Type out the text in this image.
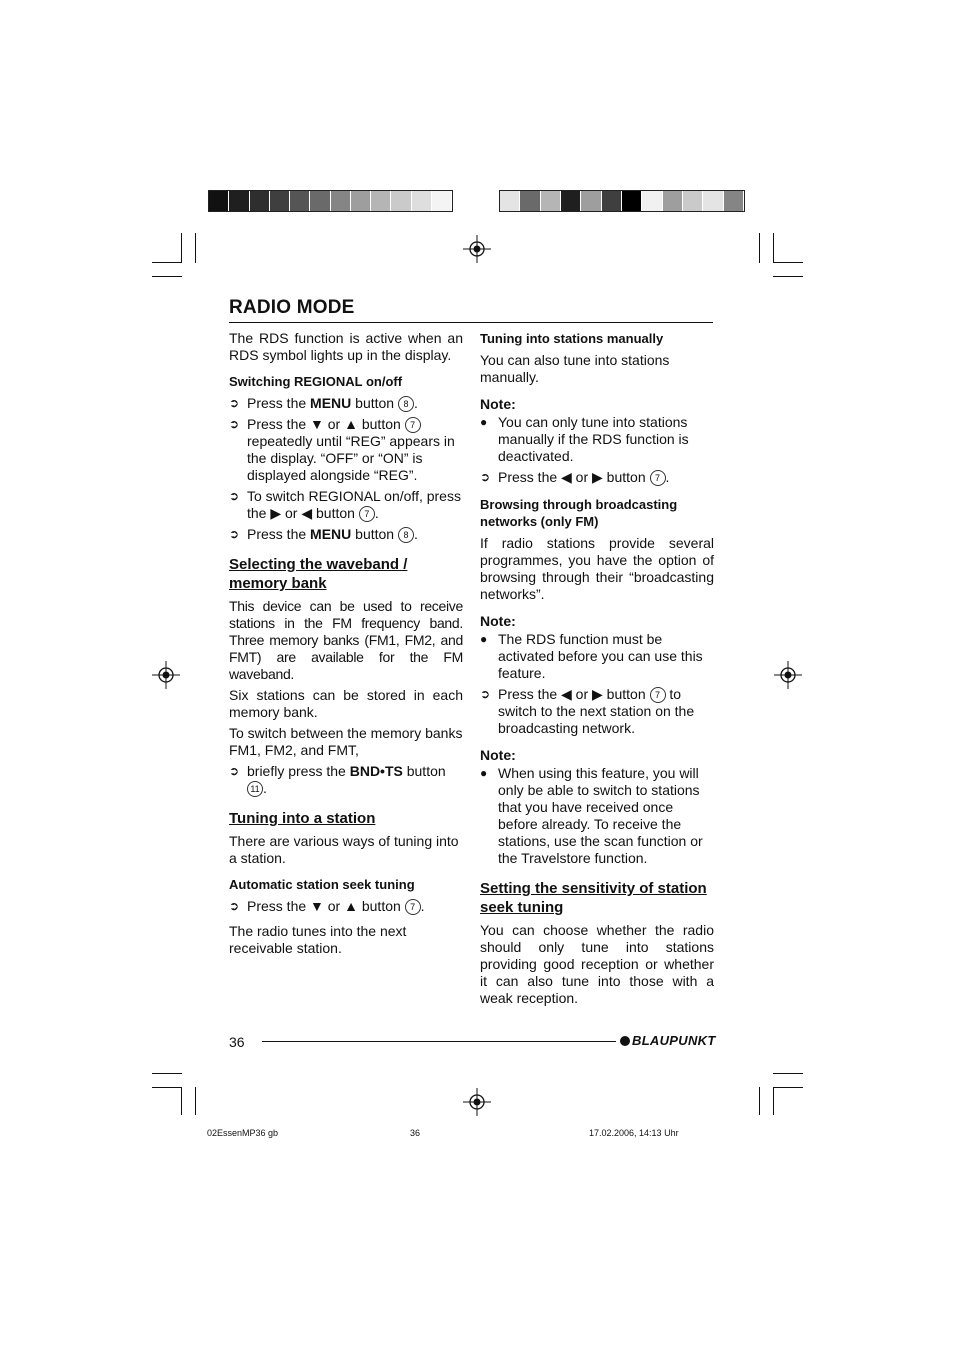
RADIO MODE

The RDS function is active when an RDS symbol lights up in the display.

Switching REGIONAL on/off
➲ Press the MENU button 8 .
➲ Press the ▼ or ▲ button 7 repeatedly until “REG” appears in the display. “OFF” or “ON” is displayed alongside “REG”.
➲ To switch REGIONAL on/off, press the ▶ or ◀ button 7 .
➲ Press the MENU button 8 .
Selecting the waveband / memory bank

This device can be used to receive stations in the FM frequency band. Three memory banks (FM1, FM2, and FMT) are available for the FM waveband.

Six stations can be stored in each memory bank.

To switch between the memory banks FM1, FM2, and FMT,

➲ briefly press the BND•TS button
11 .
Tuning into a station

There are various ways of tuning into a station.

Automatic station seek tuning
➲ Press the ▼ or ▲ button 7 .

The radio tunes into the next receivable station.

Tuning into stations manually

You can also tune into stations manually.

Note:
● You can only tune into stations manually if the RDS function is deactivated.
➲ Press the ◀ or ▶ button 7 .
Browsing through broadcasting networks (only FM)

If radio stations provide several programmes, you have the option of browsing through their “broadcasting networks”.

Note:
● The RDS function must be activated before you can use this feature.
➲ Press the ◀ or ▶ button 7 to switch to the next station on the broadcasting network.
Note:
● When using this feature, you will only be able to switch to stations that you have received once before already. To receive the stations, use the scan function or the Travelstore function.
Setting the sensitivity of station seek tuning

You can choose whether the radio should only tune into stations providing good reception or whether it can also tune into those with a weak reception.

36	BLAUPUNKT
02EssenMP36 gb	36	17.02.2006, 14:13 Uhr
